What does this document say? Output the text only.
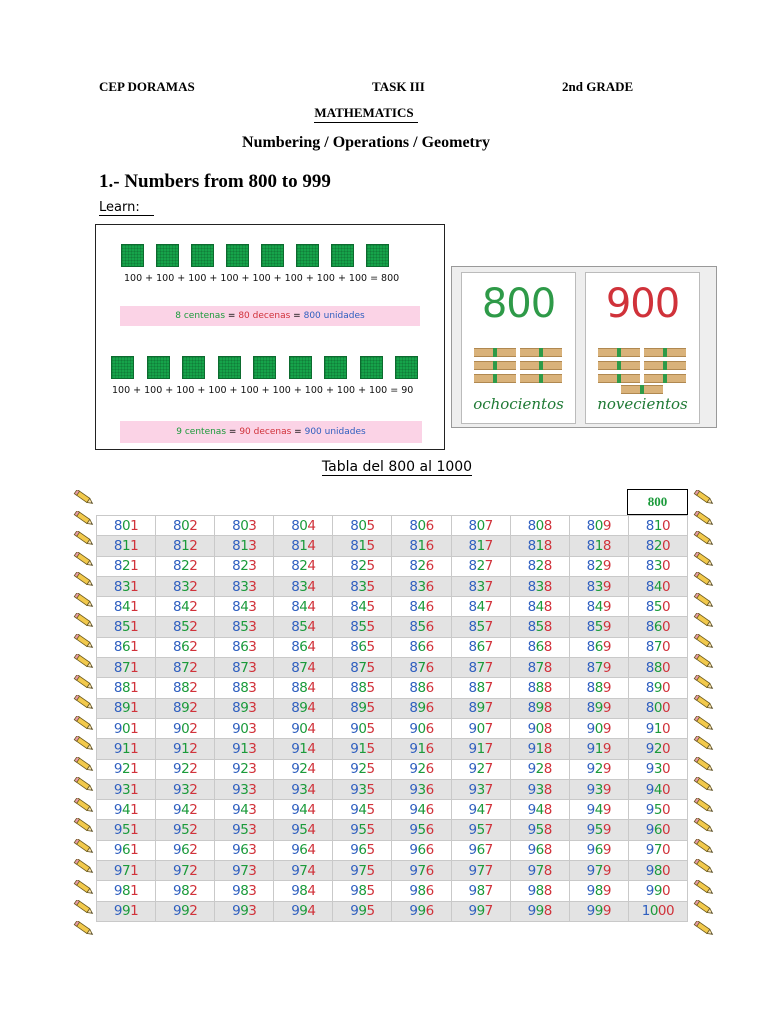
CEP DORAMAS	TASK III	2nd GRADE
MATHEMATICS
Numbering / Operations / Geometry
1.- Numbers from 800 to 999
Learn:
100 + 100 + 100 + 100 + 100 + 100 + 100 + 100 = 800
8 centenas = 80 decenas = 800 unidades
100 + 100 + 100 + 100 + 100 + 100 + 100 + 100 + 100 = 90
9 centenas = 90 decenas = 900 unidades
800
ochocientos
900
novecientos
Tabla del 800 al 1000
800
801	802	803	804	805	806	807	808	809	810
811	812	813	814	815	816	817	818	818	820
821	822	823	824	825	826	827	828	829	830
831	832	833	834	835	836	837	838	839	840
841	842	843	844	845	846	847	848	849	850
851	852	853	854	855	856	857	858	859	860
861	862	863	864	865	866	867	868	869	870
871	872	873	874	875	876	877	878	879	880
881	882	883	884	885	886	887	888	889	890
891	892	893	894	895	896	897	898	899	800
901	902	903	904	905	906	907	908	909	910
911	912	913	914	915	916	917	918	919	920
921	922	923	924	925	926	927	928	929	930
931	932	933	934	935	936	937	938	939	940
941	942	943	944	945	946	947	948	949	950
951	952	953	954	955	956	957	958	959	960
961	962	963	964	965	966	967	968	969	970
971	972	973	974	975	976	977	978	979	980
981	982	983	984	985	986	987	988	989	990
991	992	993	994	995	996	997	998	999	1000
